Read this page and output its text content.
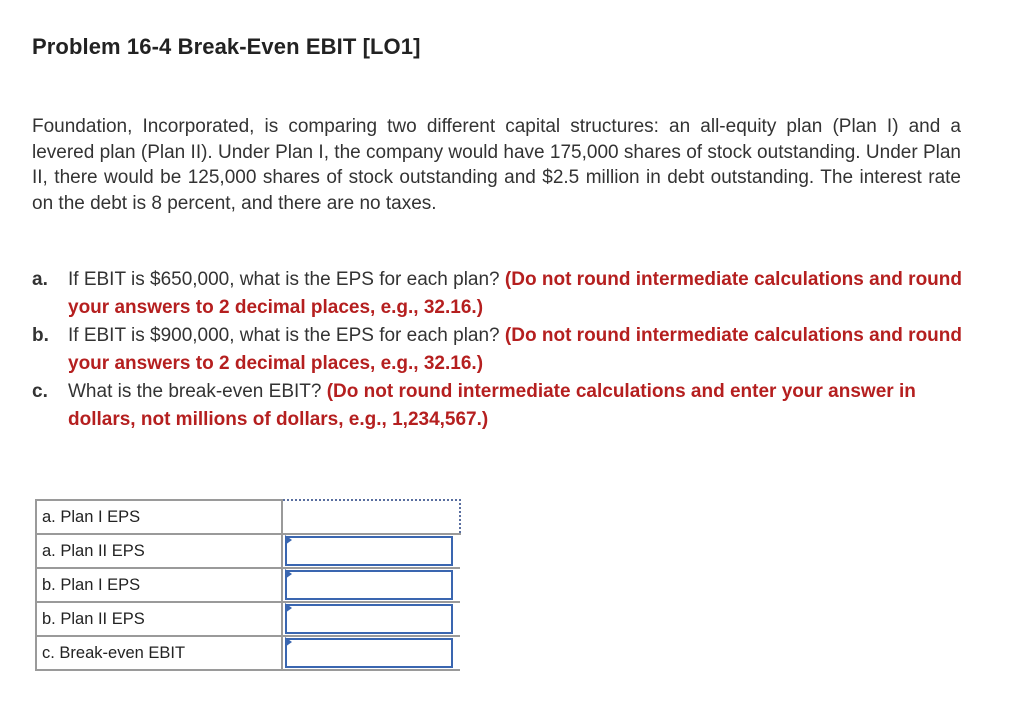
Problem 16-4 Break-Even EBIT [LO1]
Foundation, Incorporated, is comparing two different capital structures: an all-equity plan (Plan I) and a levered plan (Plan II). Under Plan I, the company would have 175,000 shares of stock outstanding. Under Plan II, there would be 125,000 shares of stock outstanding and $2.5 million in debt outstanding. The interest rate on the debt is 8 percent, and there are no taxes.
a. If EBIT is $650,000, what is the EPS for each plan? (Do not round intermediate calculations and round your answers to 2 decimal places, e.g., 32.16.)
b. If EBIT is $900,000, what is the EPS for each plan? (Do not round intermediate calculations and round your answers to 2 decimal places, e.g., 32.16.)
c. What is the break-even EBIT? (Do not round intermediate calculations and enter your answer in dollars, not millions of dollars, e.g., 1,234,567.)
a. Plan I EPS	

a. Plan II EPS	

b. Plan I EPS	

b. Plan II EPS	

c. Break-even EBIT	
